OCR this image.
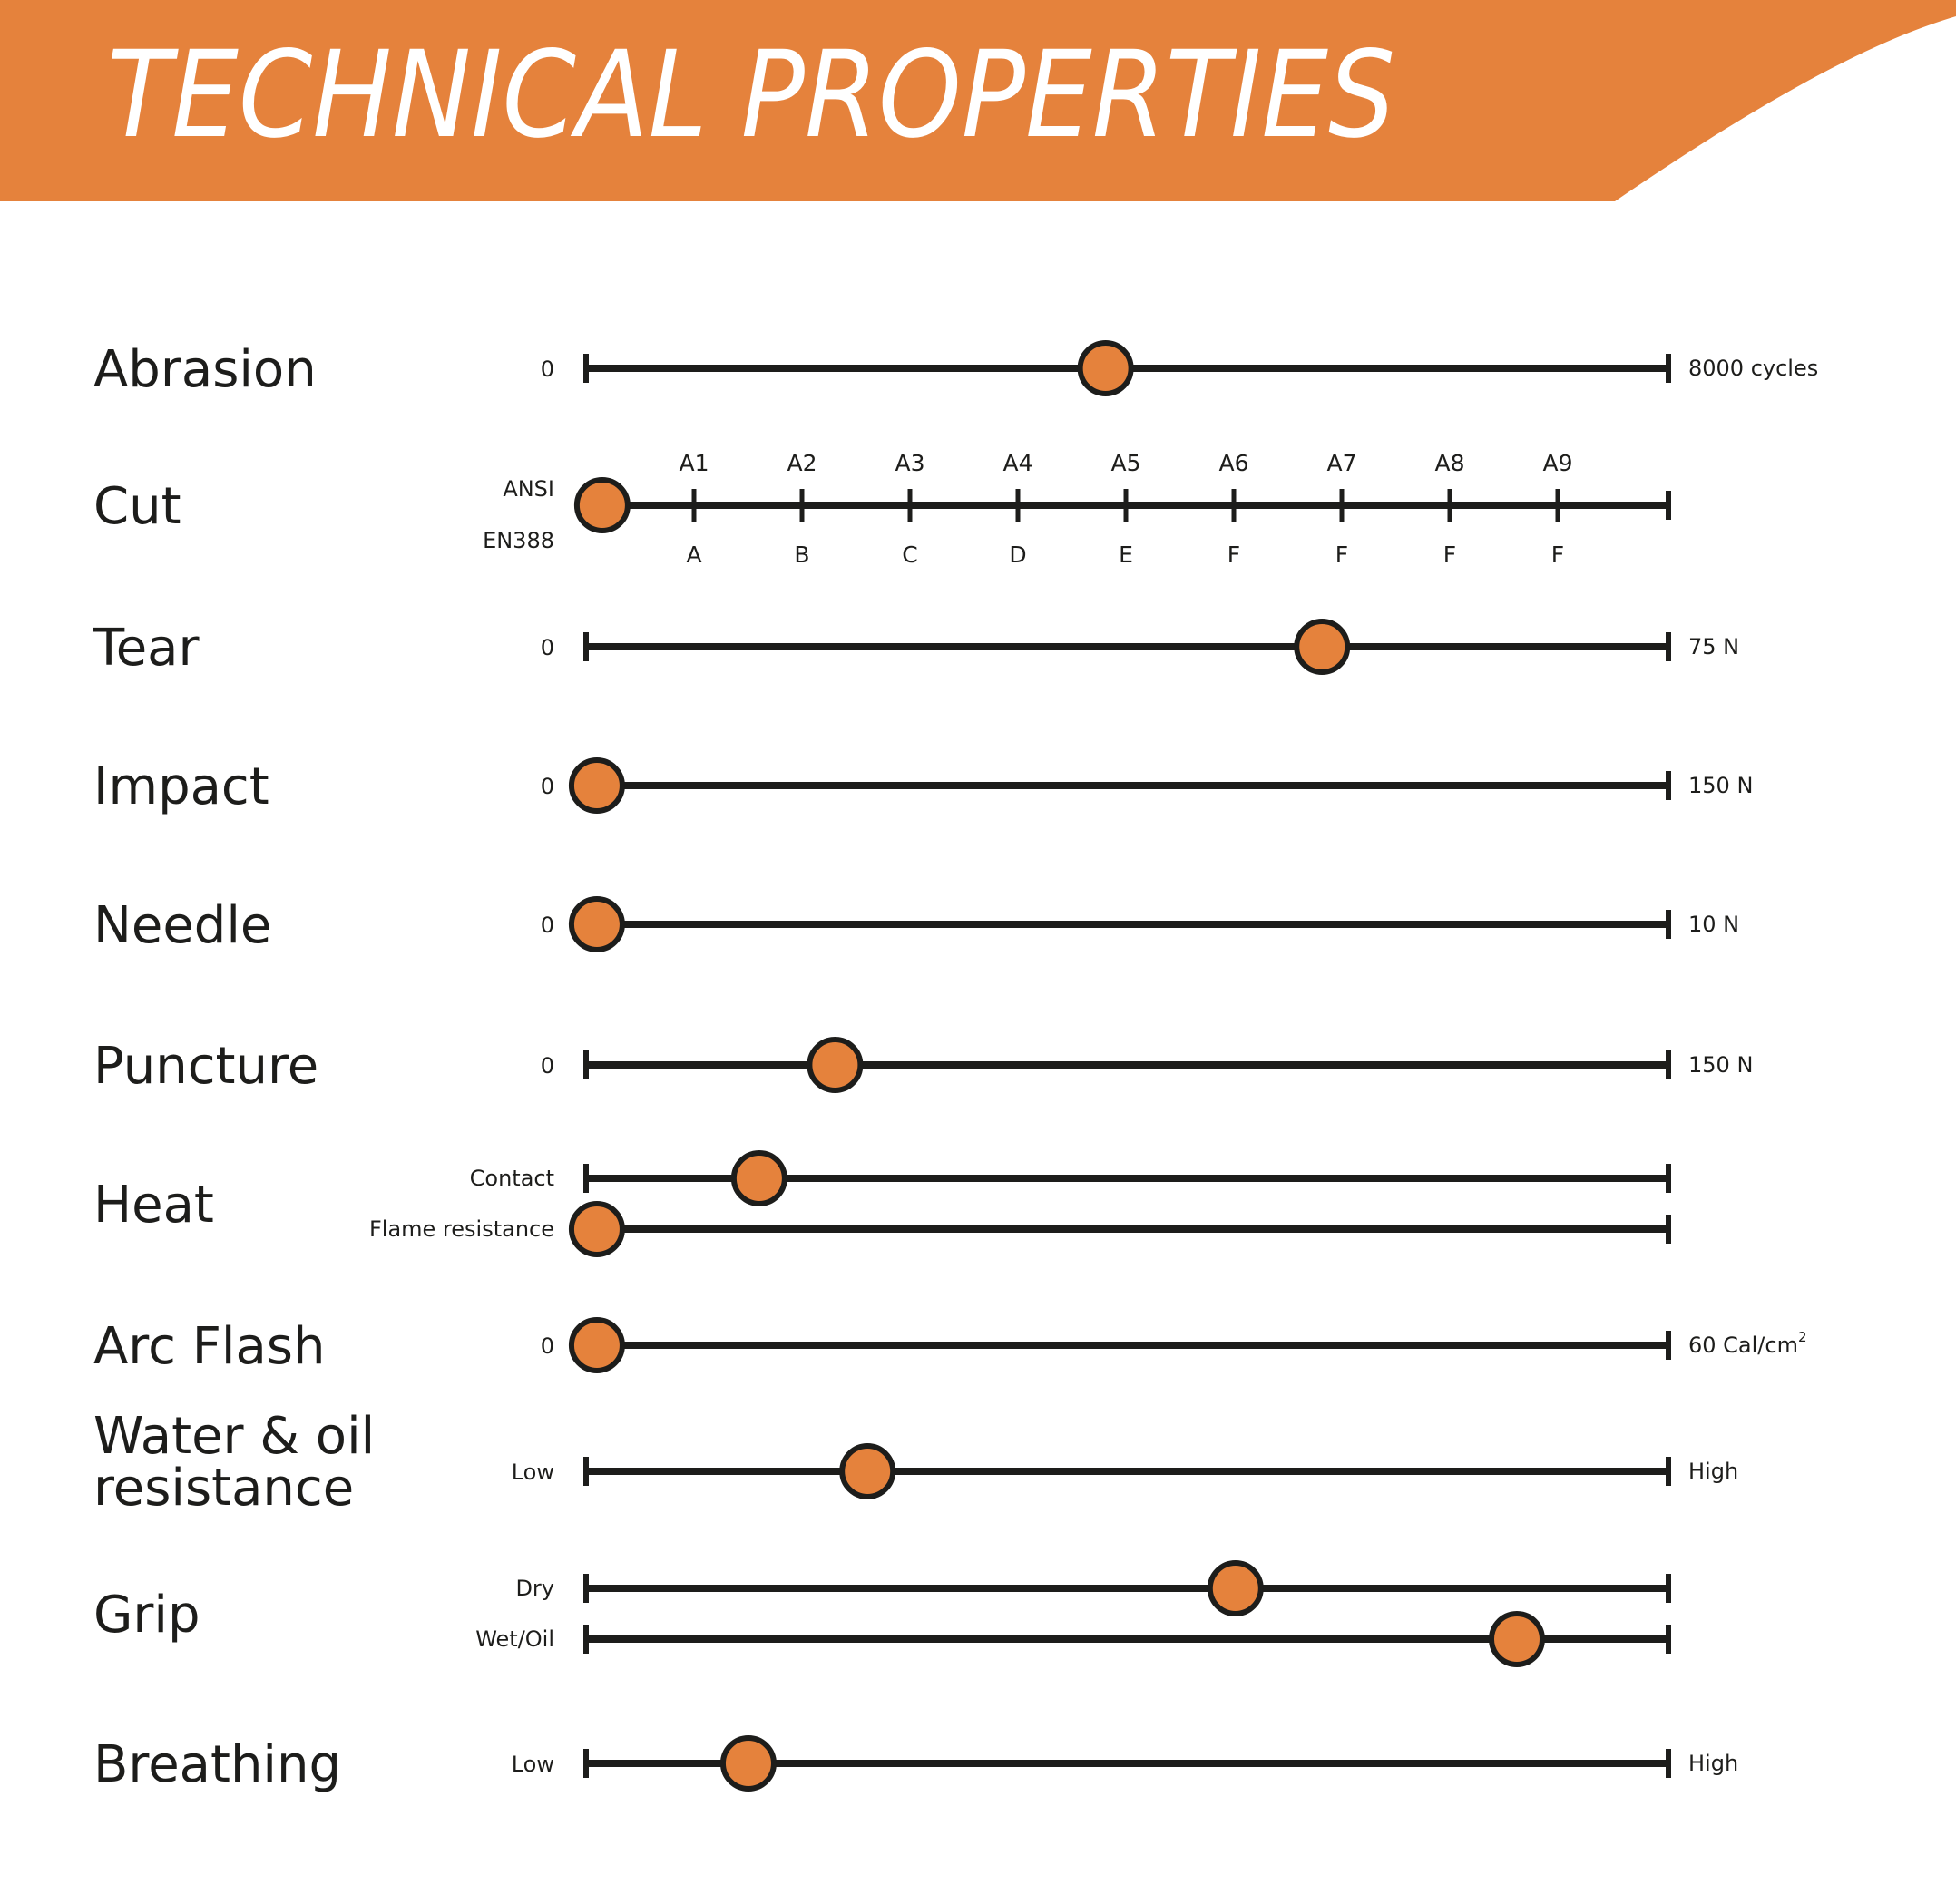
TECHNICAL PROPERTIES
Abrasion	0	8000 cycles
Cut
A1
A
A2
B
A3
C
A4
D
A5
E
A6
F
A7
F
A8
F
A9
F
ANSI
EN388
Tear	0	75 N
Impact	0	150 N
Needle	0	10 N
Puncture	0	150 N
Heat	Contact
Flame resistance
Arc Flash	0	60 Cal/$cm^2$
Water & oil
resistance	Low	High
Grip	Dry
Wet/Oil
Breathing	Low	High
